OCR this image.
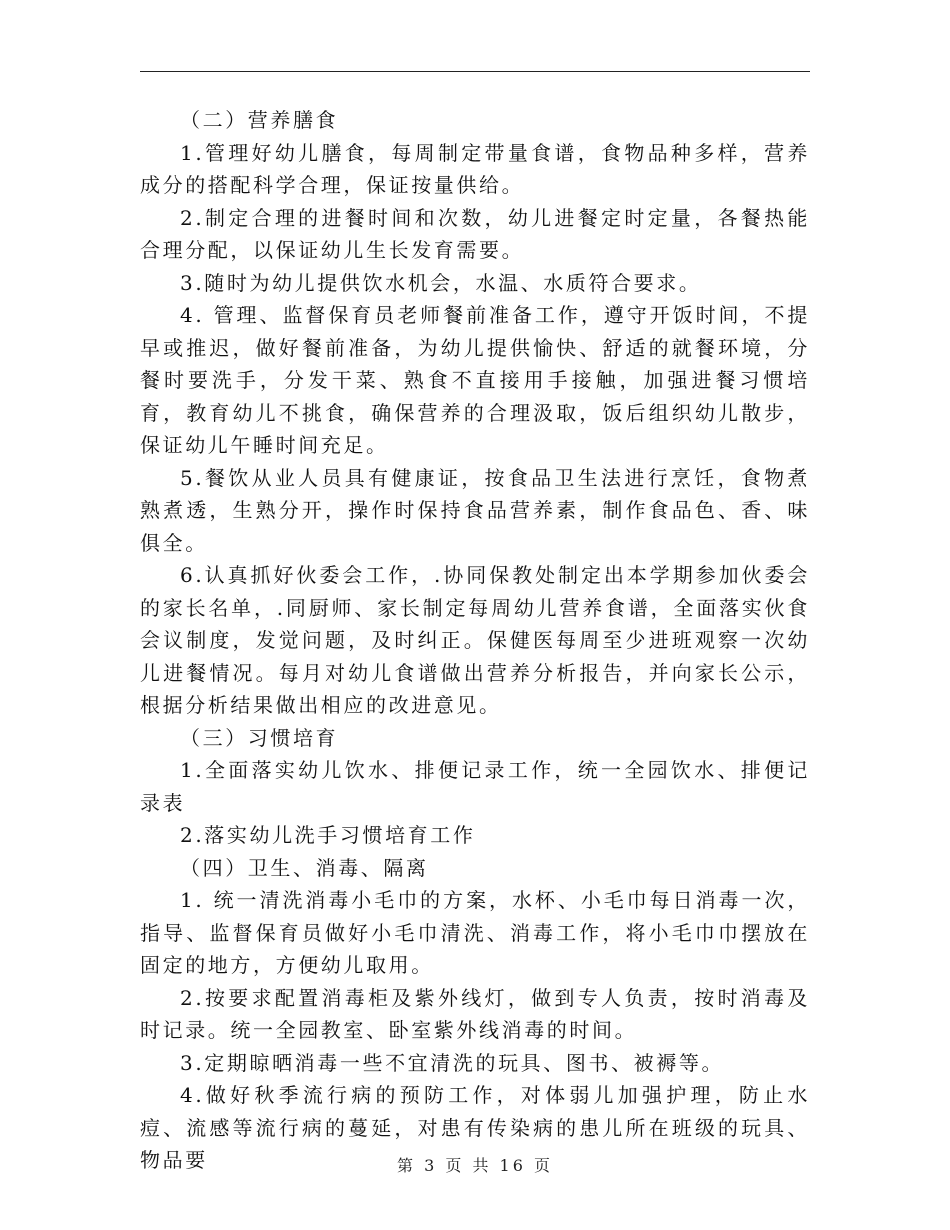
（二）营养膳食

1.管理好幼儿膳食，每周制定带量食谱，食物品种多样，营养成分的搭配科学合理，保证按量供给。

2.制定合理的进餐时间和次数，幼儿进餐定时定量，各餐热能合理分配，以保证幼儿生长发育需要。

3.随时为幼儿提供饮水机会，水温、水质符合要求。

4. 管理、监督保育员老师餐前准备工作，遵守开饭时间，不提早或推迟，做好餐前准备，为幼儿提供愉快、舒适的就餐环境，分餐时要洗手，分发干菜、熟食不直接用手接触，加强进餐习惯培育，教育幼儿不挑食，确保营养的合理汲取，饭后组织幼儿散步，保证幼儿午睡时间充足。

5.餐饮从业人员具有健康证，按食品卫生法进行烹饪，食物煮熟煮透，生熟分开，操作时保持食品营养素，制作食品色、香、味俱全。

6.认真抓好伙委会工作，.协同保教处制定出本学期参加伙委会的家长名单，.同厨师、家长制定每周幼儿营养食谱，全面落实伙食会议制度，发觉问题，及时纠正。保健医每周至少进班观察一次幼儿进餐情况。每月对幼儿食谱做出营养分析报告，并向家长公示，根据分析结果做出相应的改进意见。

（三）习惯培育

1.全面落实幼儿饮水、排便记录工作，统一全园饮水、排便记录表

2.落实幼儿洗手习惯培育工作

（四）卫生、消毒、隔离

1. 统一清洗消毒小毛巾的方案，水杯、小毛巾每日消毒一次，指导、监督保育员做好小毛巾清洗、消毒工作，将小毛巾巾摆放在固定的地方，方便幼儿取用。

2.按要求配置消毒柜及紫外线灯，做到专人负责，按时消毒及时记录。统一全园教室、卧室紫外线消毒的时间。

3.定期晾晒消毒一些不宜清洗的玩具、图书、被褥等。

4.做好秋季流行病的预防工作，对体弱儿加强护理，防止水痘、流感等流行病的蔓延，对患有传染病的患儿所在班级的玩具、物品要	第 3 页 共 16 页
